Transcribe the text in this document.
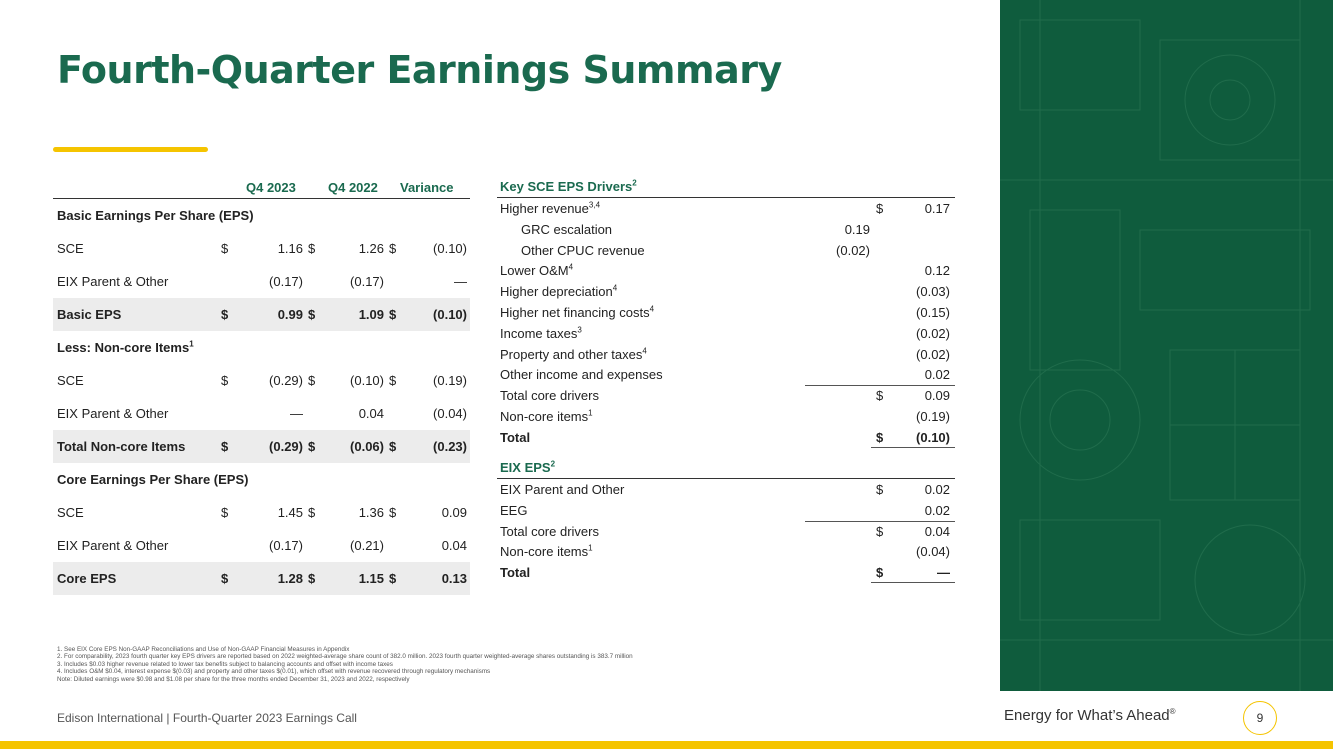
Fourth-Quarter Earnings Summary
Q4 2023 Q4 2022 Variance
Basic Earnings Per Share (EPS)
SCE	$	1.16 $	1.26 $	(0.10)
EIX Parent & Other	(0.17)	(0.17)	—
Basic EPS	$	0.99 $	1.09 $	(0.10)
Less: Non-core Items$^1$
SCE	$	(0.29) $	(0.10) $	(0.19)
EIX Parent & Other	—	0.04	(0.04)
Total Non-core Items	$	(0.29) $	(0.06) $	(0.23)
Core Earnings Per Share (EPS)
SCE	$	1.45 $	1.36 $	0.09
EIX Parent & Other	(0.17)	(0.21)	0.04
Core EPS	$	1.28 $	1.15 $	0.13
Key SCE EPS Drivers$^2$
Higher revenue$^{3,4}$	$	0.17
GRC escalation	0.19
Other CPUC revenue	(0.02)
Lower $O\&M^4$	0.12
Higher depreciation$^4$	(0.03)
Higher net financing costs$^4$	(0.15)
Income taxes$^3$	(0.02)
Property and other taxes$^4$	(0.02)
Other income and expenses	0.02
Total core drivers	$	0.09
Non-core items$^1$	(0.19)
Total	$	(0.10)
EIX EPS$^2$
EIX Parent and Other	$	0.02
EEG	0.02
Total core drivers	$	0.04
Non-core items$^1$	(0.04)
Total	$	—
1. See EIX Core EPS Non-GAAP Reconciliations and Use of Non-GAAP Financial Measures in Appendix
2. For comparability, 2023 fourth quarter key EPS drivers are reported based on 2022 weighted-average share count of 382.0 million. 2023 fourth quarter weighted-average shares outstanding is 383.7 million
3. Includes $0.03 higher revenue related to lower tax benefits subject to balancing accounts and offset with income taxes
4. Includes O&M $0.04, interest expense $(0.03) and property and other taxes $(0.01), which offset with revenue recovered through regulatory mechanisms
Note: Diluted earnings were $0.98 and $1.08 per share for the three months ended December 31, 2023 and 2022, respectively
Edison International | Fourth-Quarter 2023 Earnings Call	Energy for What’s Ahead®	9
